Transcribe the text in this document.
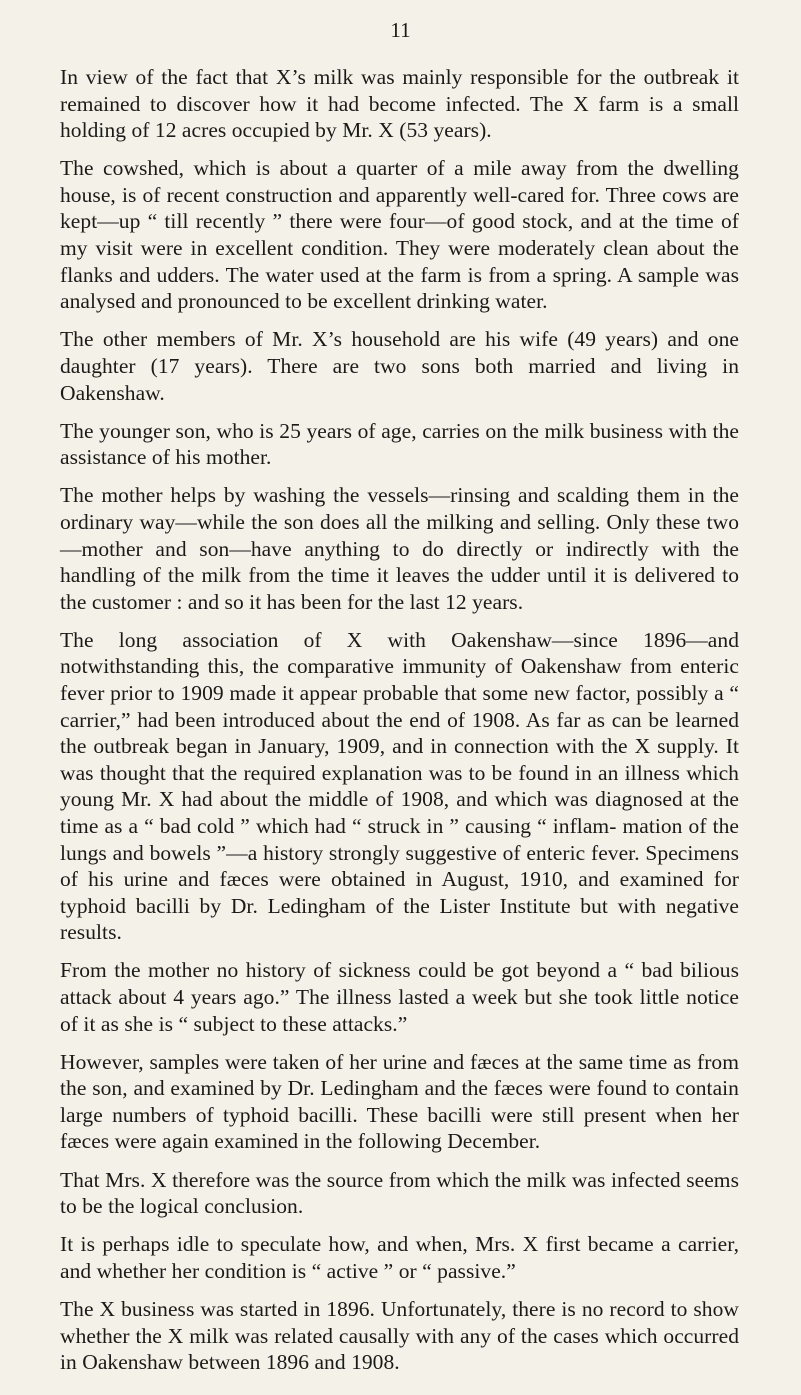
11

In view of the fact that X’s milk was mainly responsible for the outbreak it remained to discover how it had become infected. The X farm is a small holding of 12 acres occupied by Mr. X (53 years).

The cowshed, which is about a quarter of a mile away from the dwelling house, is of recent construction and apparently well-cared for. Three cows are kept—up “ till recently ” there were four—of good stock, and at the time of my visit were in excellent condition. They were moderately clean about the flanks and udders. The water used at the farm is from a spring. A sample was analysed and pronounced to be excellent drinking water.

The other members of Mr. X’s household are his wife (49 years) and one daughter (17 years). There are two sons both married and living in Oakenshaw.

The younger son, who is 25 years of age, carries on the milk business with the assistance of his mother.

The mother helps by washing the vessels—rinsing and scalding them in the ordinary way—while the son does all the milking and selling. Only these two—mother and son—have anything to do directly or indirectly with the handling of the milk from the time it leaves the udder until it is delivered to the customer : and so it has been for the last 12 years.

The long association of X with Oakenshaw—since 1896—and notwithstanding this, the comparative immunity of Oakenshaw from enteric fever prior to 1909 made it appear probable that some new factor, possibly a “ carrier,” had been introduced about the end of 1908. As far as can be learned the outbreak began in January, 1909, and in connection with the X supply. It was thought that the required explanation was to be found in an illness which young Mr. X had about the middle of 1908, and which was diagnosed at the time as a “ bad cold ” which had “ struck in ” causing “ inflam- mation of the lungs and bowels ”—a history strongly suggestive of enteric fever. Specimens of his urine and fæces were obtained in August, 1910, and examined for typhoid bacilli by Dr. Ledingham of the Lister Institute but with negative results.

From the mother no history of sickness could be got beyond a “ bad bilious attack about 4 years ago.” The illness lasted a week but she took little notice of it as she is “ subject to these attacks.”

However, samples were taken of her urine and fæces at the same time as from the son, and examined by Dr. Ledingham and the fæces were found to contain large numbers of typhoid bacilli. These bacilli were still present when her fæces were again examined in the following December.

That Mrs. X therefore was the source from which the milk was infected seems to be the logical conclusion.

It is perhaps idle to speculate how, and when, Mrs. X first became a carrier, and whether her condition is “ active ” or “ passive.”

The X business was started in 1896. Unfortunately, there is no record to show whether the X milk was related causally with any of the cases which occurred in Oakenshaw between 1896 and 1908.
